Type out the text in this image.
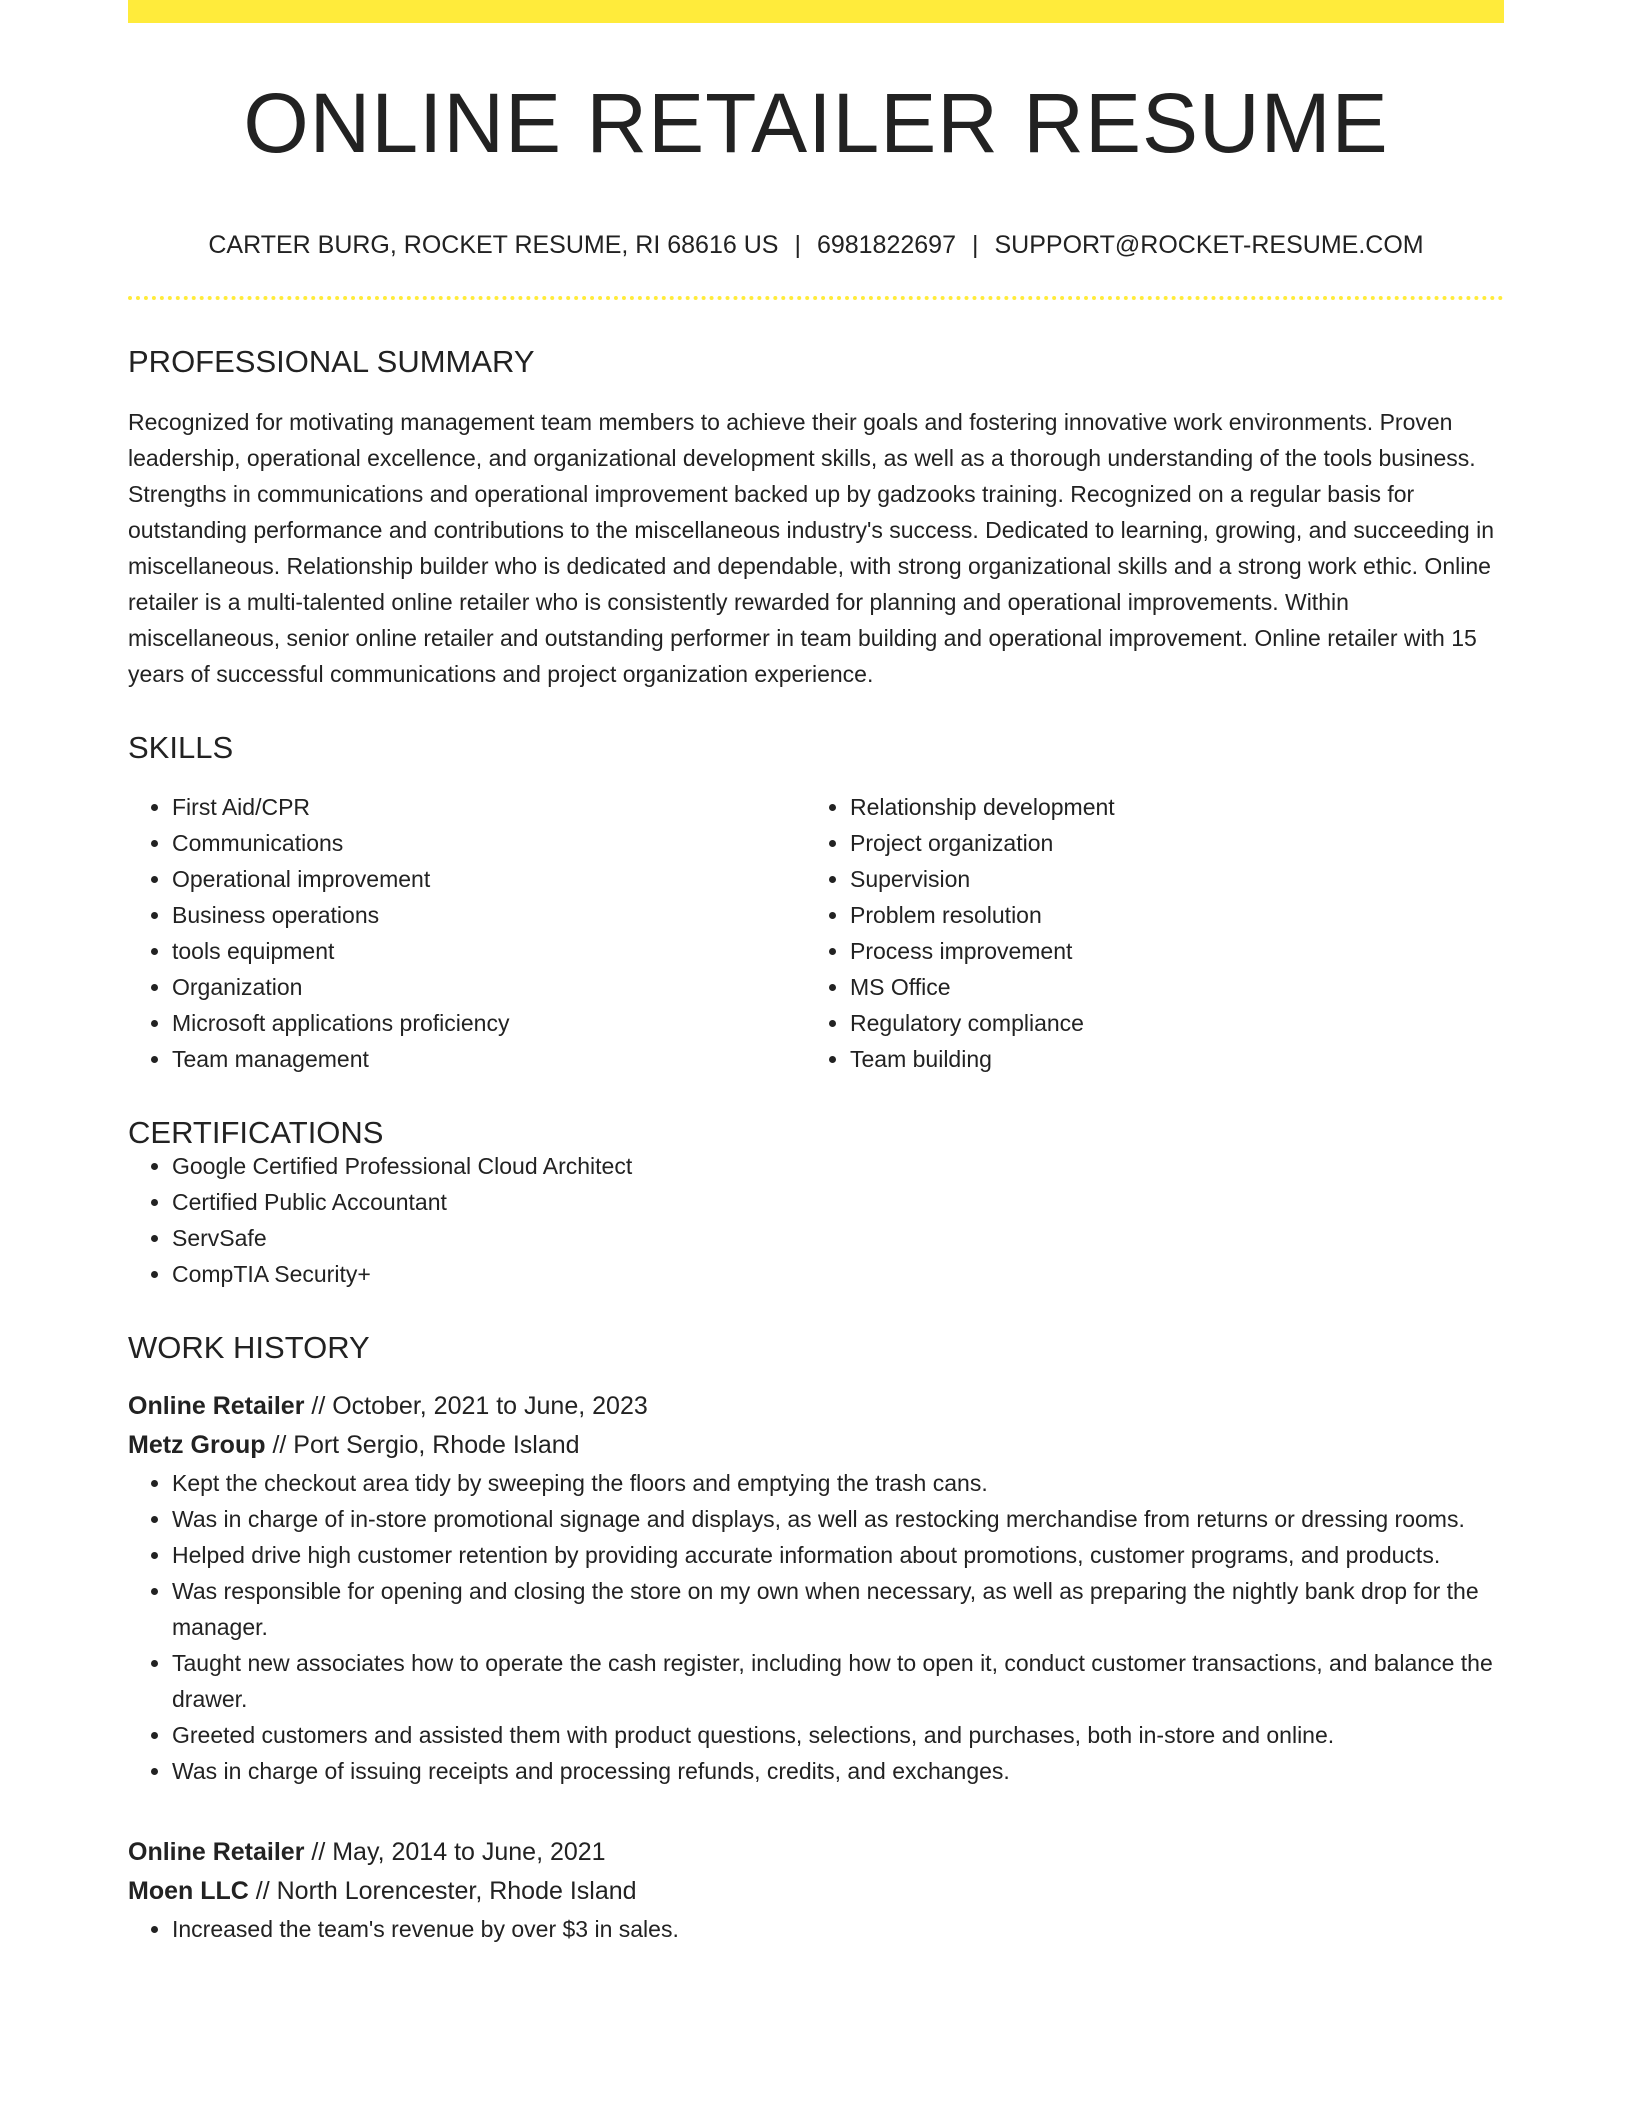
ONLINE RETAILER RESUME
CARTER BURG, ROCKET RESUME, RI 68616 US | 6981822697 | SUPPORT@ROCKET-RESUME.COM
PROFESSIONAL SUMMARY

Recognized for motivating management team members to achieve their goals and fostering innovative work environments. Proven leadership, operational excellence, and organizational development skills, as well as a thorough understanding of the tools business. Strengths in communications and operational improvement backed up by gadzooks training. Recognized on a regular basis for outstanding performance and contributions to the miscellaneous industry's success. Dedicated to learning, growing, and succeeding in miscellaneous. Relationship builder who is dedicated and dependable, with strong organizational skills and a strong work ethic. Online retailer is a multi-talented online retailer who is consistently rewarded for planning and operational improvements. Within miscellaneous, senior online retailer and outstanding performer in team building and operational improvement. Online retailer with 15 years of successful communications and project organization experience.

SKILLS
• First Aid/CPR
• Communications
• Operational improvement
• Business operations
• tools equipment
• Organization
• Microsoft applications proficiency
• Team management
• Relationship development
• Project organization
• Supervision
• Problem resolution
• Process improvement
• MS Office
• Regulatory compliance
• Team building
CERTIFICATIONS
• Google Certified Professional Cloud Architect
• Certified Public Accountant
• ServSafe
• CompTIA Security+
WORK HISTORY
Online Retailer // October, 2021 to June, 2023
Metz Group // Port Sergio, Rhode Island
• Kept the checkout area tidy by sweeping the floors and emptying the trash cans.
• Was in charge of in-store promotional signage and displays, as well as restocking merchandise from returns or dressing rooms.
• Helped drive high customer retention by providing accurate information about promotions, customer programs, and products.
• Was responsible for opening and closing the store on my own when necessary, as well as preparing the nightly bank drop for the manager.
• Taught new associates how to operate the cash register, including how to open it, conduct customer transactions, and balance the drawer.
• Greeted customers and assisted them with product questions, selections, and purchases, both in-store and online.
• Was in charge of issuing receipts and processing refunds, credits, and exchanges.
Online Retailer // May, 2014 to June, 2021
Moen LLC // North Lorencester, Rhode Island
• Increased the team's revenue by over $3 in sales.
